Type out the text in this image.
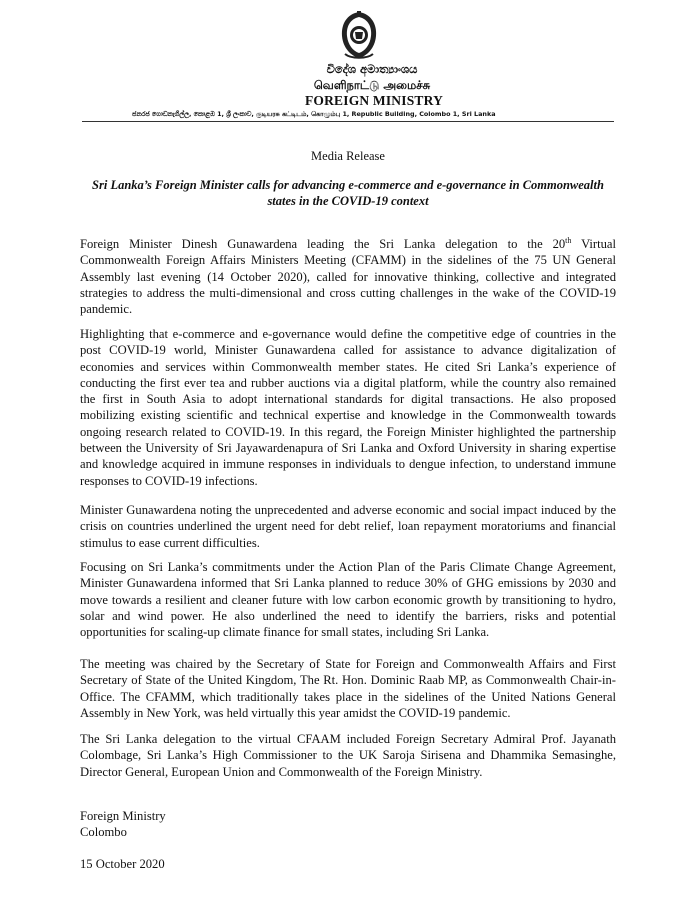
විදේශ අමාත්‍යාංශය
வெளிநாட்டு அமைச்சு
FOREIGN MINISTRY
ජනරජ ගොඩනැගිල්ල, කොළඹ 1, ශ්‍රී ලංකාව, குடியரசு கட்டிடம், கொழும்பு 1, Republic Building, Colombo 1, Sri Lanka
Media Release
Sri Lanka’s Foreign Minister calls for advancing e-commerce and e-governance in Commonwealth states in the COVID-19 context

Foreign Minister Dinesh Gunawardena leading the Sri Lanka delegation to the 20th Virtual Commonwealth Foreign Affairs Ministers Meeting (CFAMM) in the sidelines of the 75 UN General Assembly last evening (14 October 2020), called for innovative thinking, collective and integrated strategies to address the multi-dimensional and cross cutting challenges in the wake of the COVID-19 pandemic.

Highlighting that e-commerce and e-governance would define the competitive edge of countries in the post COVID-19 world, Minister Gunawardena called for assistance to advance digitalization of economies and services within Commonwealth member states. He cited Sri Lanka’s experience of conducting the first ever tea and rubber auctions via a digital platform, while the country also remained the first in South Asia to adopt international standards for digital transactions. He also proposed mobilizing existing scientific and technical expertise and knowledge in the Commonwealth towards ongoing research related to COVID-19. In this regard, the Foreign Minister highlighted the partnership between the University of Sri Jayawardenapura of Sri Lanka and Oxford University in sharing expertise and knowledge acquired in immune responses in individuals to dengue infection, to understand immune responses to COVID-19 infections.

Minister Gunawardena noting the unprecedented and adverse economic and social impact induced by the crisis on countries underlined the urgent need for debt relief, loan repayment moratoriums and financial stimulus to ease current difficulties.

Focusing on Sri Lanka’s commitments under the Action Plan of the Paris Climate Change Agreement, Minister Gunawardena informed that Sri Lanka planned to reduce 30% of GHG emissions by 2030 and move towards a resilient and cleaner future with low carbon economic growth by transitioning to hydro, solar and wind power. He also underlined the need to identify the barriers, risks and potential opportunities for scaling-up climate finance for small states, including Sri Lanka.

The meeting was chaired by the Secretary of State for Foreign and Commonwealth Affairs and First Secretary of State of the United Kingdom, The Rt. Hon. Dominic Raab MP, as Commonwealth Chair-in-Office. The CFAMM, which traditionally takes place in the sidelines of the United Nations General Assembly in New York, was held virtually this year amidst the COVID-19 pandemic.

The Sri Lanka delegation to the virtual CFAAM included Foreign Secretary Admiral Prof. Jayanath Colombage, Sri Lanka’s High Commissioner to the UK Saroja Sirisena and Dhammika Semasinghe, Director General, European Union and Commonwealth of the Foreign Ministry.

Foreign Ministry
Colombo
15 October 2020
